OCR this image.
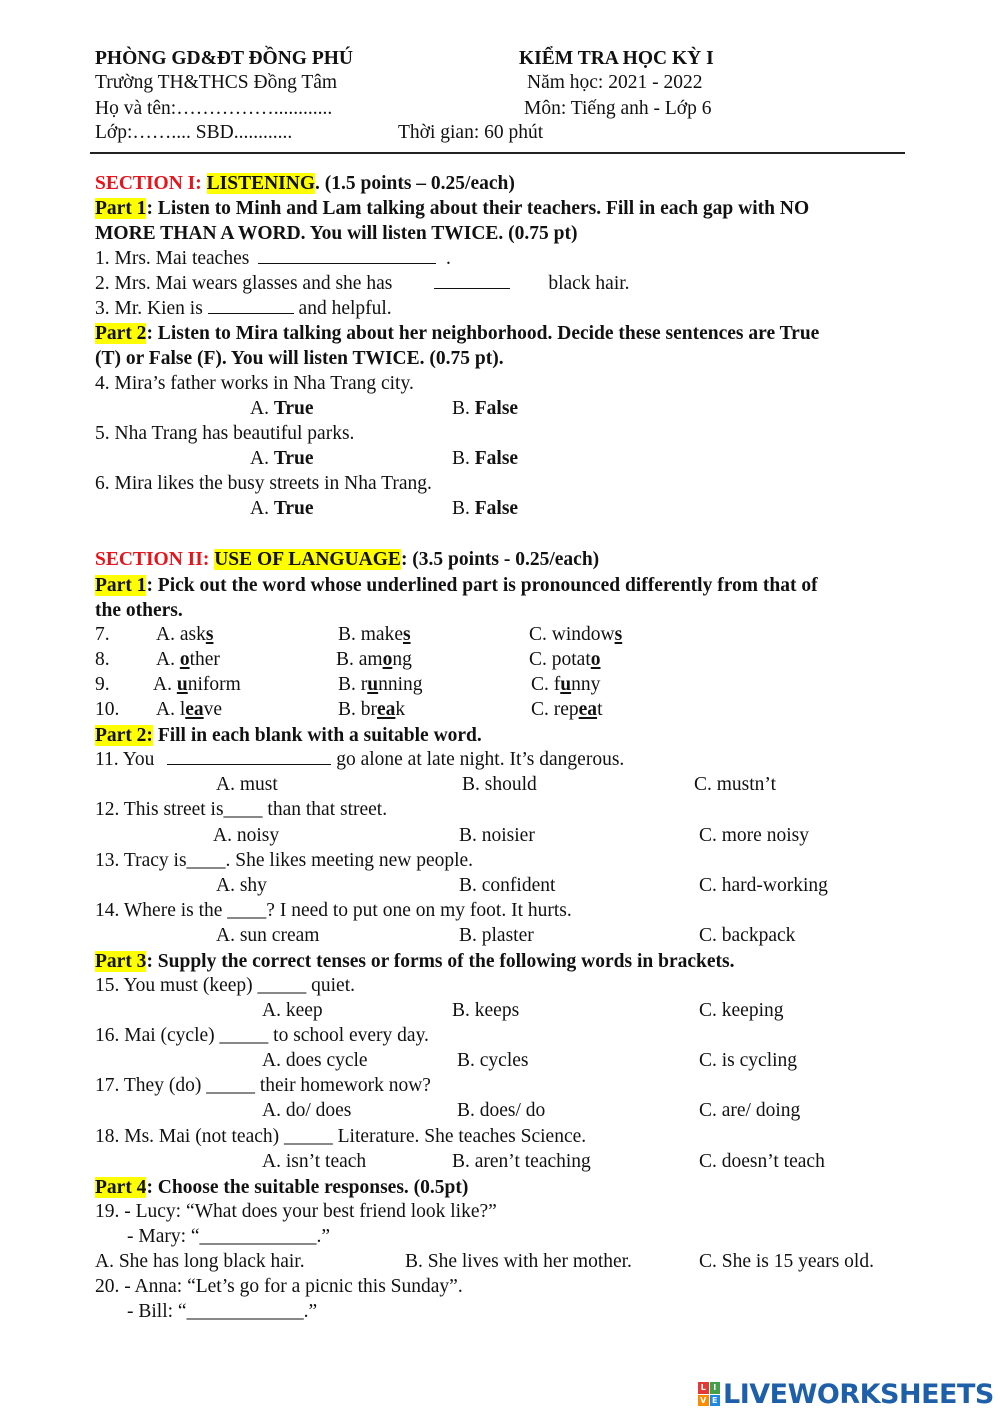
PHÒNG GD&ĐT ĐỒNG PHÚ	KIỂM TRA HỌC KỲ I
Trường TH&THCS Đồng Tâm	Năm học: 2021 - 2022
Họ và tên:……………............	Môn: Tiếng anh - Lớp 6
Lớp:…….... SBD............	Thời gian: 60 phút
SECTION I: LISTENING. (1.5 points – 0.25/each)
Part 1: Listen to Minh and Lam talking about their teachers. Fill in each gap with NO
MORE THAN A WORD. You will listen TWICE. (0.75 pt)
1. Mrs. Mai teaches	.
2. Mrs. Mai wears glasses and she has	black hair.
3. Mr. Kien is	and helpful.
Part 2: Listen to Mira talking about her neighborhood. Decide these sentences are True
(T) or False (F). You will listen TWICE. (0.75 pt).
4. Mira’s father works in Nha Trang city.
A. True	B. False
5. Nha Trang has beautiful parks.
A. True	B. False
6. Mira likes the busy streets in Nha Trang.
A. True	B. False
SECTION II: USE OF LANGUAGE: (3.5 points - 0.25/each)
Part 1: Pick out the word whose underlined part is pronounced differently from that of
the others.
7. A. asks	B. makes	C. windows
8. A. other	B. among	C. potato
9. A. uniform	B. running	C. funny
10. A. leave	B. break	C. repeat
Part 2: Fill in each blank with a suitable word.
11. You	go alone at late night. It’s dangerous.
A. must	B. should	C. mustn’t
12. This street is____ than that street.
A. noisy	B. noisier	C. more noisy
13. Tracy is____. She likes meeting new people.
A. shy	B. confident	C. hard-working
14. Where is the ____? I need to put one on my foot. It hurts.
A. sun cream	B. plaster	C. backpack
Part 3: Supply the correct tenses or forms of the following words in brackets.
15. You must (keep) _____ quiet.
A. keep	B. keeps	C. keeping
16. Mai (cycle) _____ to school every day.
A. does cycle	B. cycles	C. is cycling
17. They (do) _____ their homework now?
A. do/ does	B. does/ do	C. are/ doing
18. Ms. Mai (not teach) _____ Literature. She teaches Science.
A. isn’t teach	B. aren’t teaching	C. doesn’t teach
Part 4: Choose the suitable responses. (0.5pt)
19. - Lucy: “What does your best friend look like?”
- Mary: “____________.”
A. She has long black hair.	B. She lives with her mother.	C. She is 15 years old.
20. - Anna: “Let’s go for a picnic this Sunday”.
- Bill: “____________.”
L I
V E LIVEWORKSHEETS
